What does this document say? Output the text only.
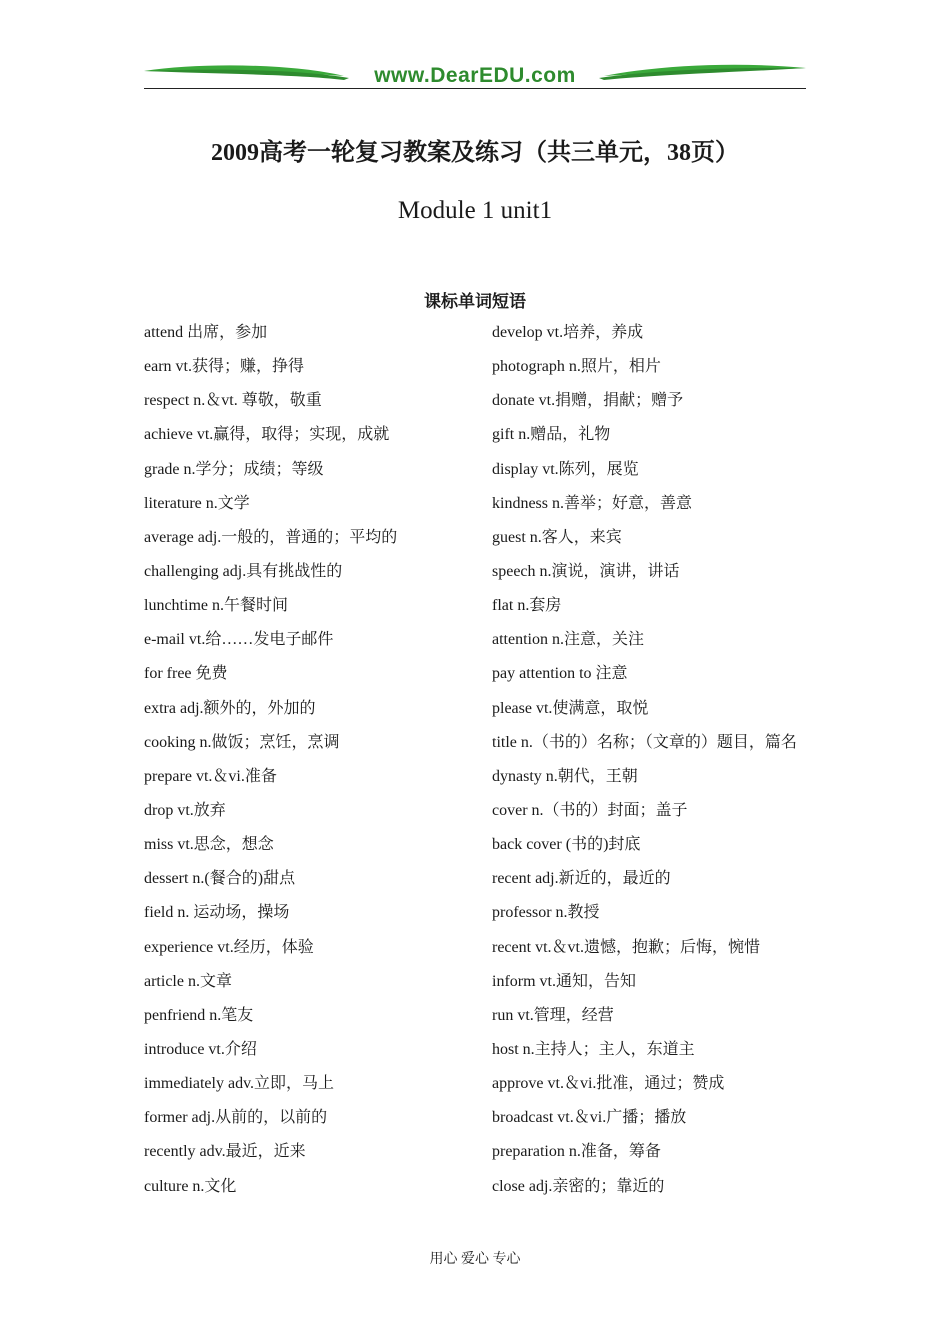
www.DearEDU.com
2009高考一轮复习教案及练习（共三单元，38页）
Module 1 unit1
课标单词短语
attend 出席，参加
earn vt.获得；赚，挣得
respect n.＆vt. 尊敬，敬重
achieve vt.赢得，取得；实现，成就
grade n.学分；成绩；等级
literature n.文学
average adj.一般的，普通的；平均的
challenging adj.具有挑战性的
lunchtime n.午餐时间
e-mail vt.给……发电子邮件
for free 免费
extra adj.额外的，外加的
cooking n.做饭；烹饪，烹调
prepare vt.＆vi.准备
drop vt.放弃
miss vt.思念，想念
dessert n.(餐合的)甜点
field n. 运动场，操场
experience vt.经历，体验
article n.文章
penfriend n.笔友
introduce vt.介绍
immediately adv.立即，马上
former adj.从前的，以前的
recently adv.最近，近来
culture n.文化
develop vt.培养，养成
photograph n.照片，相片
donate vt.捐赠，捐献；赠予
gift n.赠品，礼物
display vt.陈列，展览
kindness n.善举；好意，善意
guest n.客人，来宾
speech n.演说，演讲，讲话
flat n.套房
attention n.注意，关注
pay attention to 注意
please vt.使满意，取悦
title n.（书的）名称；（文章的）题目，篇名
dynasty n.朝代，王朝
cover n.（书的）封面；盖子
back cover (书的)封底
recent adj.新近的，最近的
professor n.教授
recent vt.＆vt.遗憾，抱歉；后悔，惋惜
inform vt.通知，告知
run vt.管理，经营
host n.主持人；主人，东道主
approve vt.＆vi.批准，通过；赞成
broadcast vt.＆vi.广播；播放
preparation n.准备，筹备
close adj.亲密的；靠近的
用心 爱心 专心
